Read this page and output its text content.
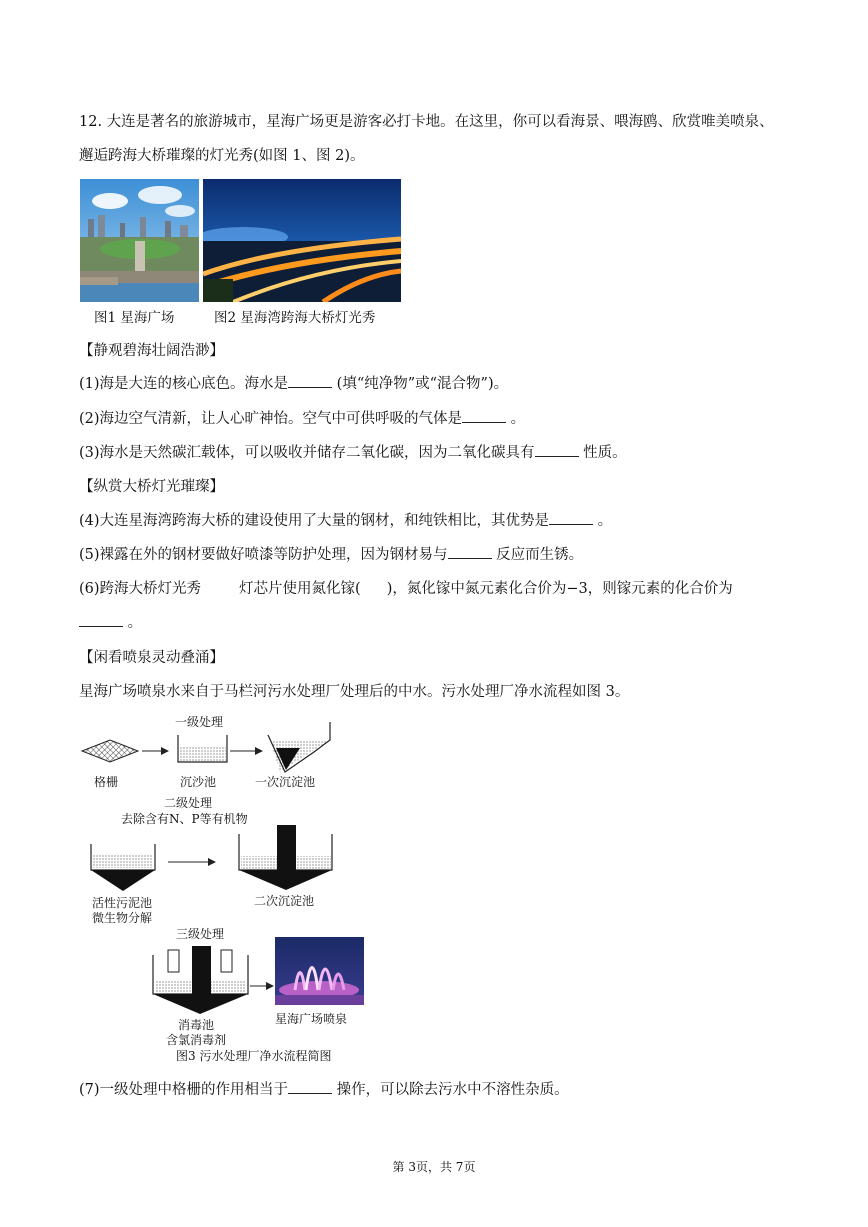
12. 大连是著名的旅游城市，星海广场更是游客必打卡地。在这里，你可以看海景、喂海鸥、欣赏唯美喷泉、
邂逅跨海大桥璀璨的灯光秀(如图 1、图 2)。
图1 星海广场	图2 星海湾跨海大桥灯光秀
【静观碧海壮阔浩渺】
(1)海是大连的核心底色。海水是	(填“纯净物”或“混合物”)。
(2)海边空气清新，让人心旷神怡。空气中可供呼吸的气体是	。
(3)海水是天然碳汇载体，可以吸收并储存二氧化碳，因为二氧化碳具有	性质。
【纵赏大桥灯光璀璨】
(4)大连星海湾跨海大桥的建设使用了大量的钢材，和纯铁相比，其优势是	。
(5)裸露在外的钢材要做好喷漆等防护处理，因为钢材易与	反应而生锈。
(6)跨海大桥灯光秀	灯芯片使用氮化镓( )，氮化镓中氮元素化合价为−3，则镓元素的化合价为
。
【闲看喷泉灵动叠涌】
星海广场喷泉水来自于马栏河污水处理厂处理后的中水。污水处理厂净水流程如图 3。
一级处理
格栅	沉沙池	一次沉淀池
二级处理
去除含有N、P等有机物
活性污泥池
微生物分解
二次沉淀池
三级处理
消毒池
含氯消毒剂
星海广场喷泉
图3 污水处理厂净水流程简图
(7)一级处理中格栅的作用相当于	操作，可以除去污水中不溶性杂质。
第 3页，共 7页
